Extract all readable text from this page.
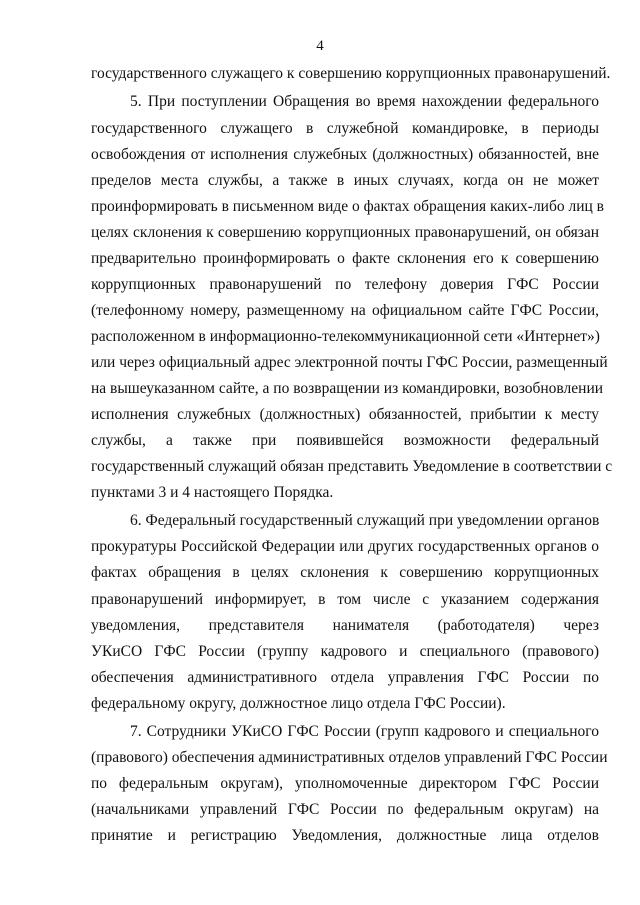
4
государственного служащего к совершению коррупционных правонарушений.
5. При поступлении Обращения во время нахождении федерального
государственного служащего в служебной командировке, в периоды
освобождения от исполнения служебных (должностных) обязанностей, вне
пределов места службы, а также в иных случаях, когда он не может
проинформировать в письменном виде о фактах обращения каких-либо лиц в
целях склонения к совершению коррупционных правонарушений, он обязан
предварительно проинформировать о факте склонения его к совершению
коррупционных правонарушений по телефону доверия ГФС России
(телефонному номеру, размещенному на официальном сайте ГФС России,
расположенном в информационно-телекоммуникационной сети «Интернет»)
или через официальный адрес электронной почты ГФС России, размещенный
на вышеуказанном сайте, а по возвращении из командировки, возобновлении
исполнения служебных (должностных) обязанностей, прибытии к месту
службы, а также при появившейся возможности федеральный
государственный служащий обязан представить Уведомление в соответствии с
пунктами 3 и 4 настоящего Порядка.
6. Федеральный государственный служащий при уведомлении органов
прокуратуры Российской Федерации или других государственных органов о
фактах обращения в целях склонения к совершению коррупционных
правонарушений информирует, в том числе с указанием содержания
уведомления, представителя нанимателя (работодателя) через
УКиСО ГФС России (группу кадрового и специального (правового)
обеспечения административного отдела управления ГФС России по
федеральному округу, должностное лицо отдела ГФС России).
7. Сотрудники УКиСО ГФС России (групп кадрового и специального
(правового) обеспечения административных отделов управлений ГФС России
по федеральным округам), уполномоченные директором ГФС России
(начальниками управлений ГФС России по федеральным округам) на
принятие и регистрацию Уведомления, должностные лица отделов
